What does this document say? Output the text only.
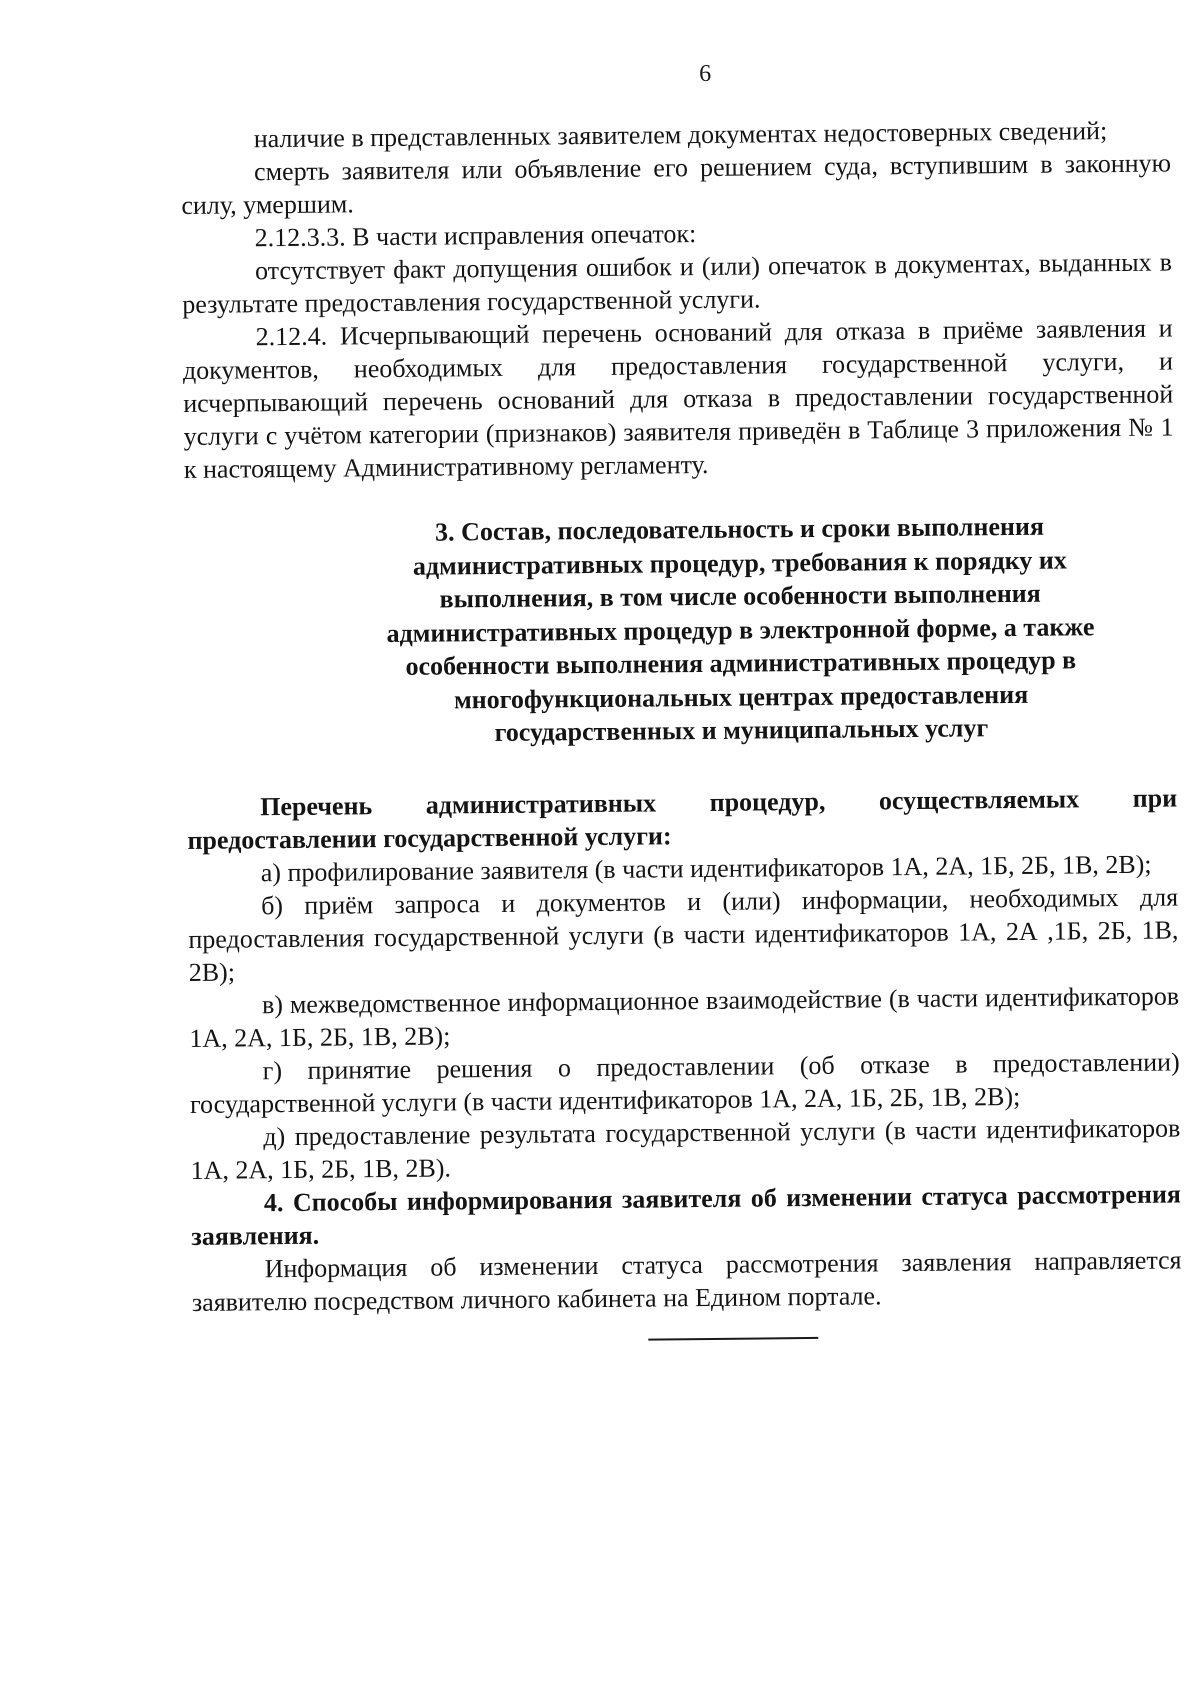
6

наличие в представленных заявителем документах недостоверных сведений;

смерть заявителя или объявление его решением суда, вступившим в законную силу, умершим.

2.12.3.3. В части исправления опечаток:

отсутствует факт допущения ошибок и (или) опечаток в документах, выданных в результате предоставления государственной услуги.

2.12.4. Исчерпывающий перечень оснований для отказа в приёме заявления и документов, необходимых для предоставления государственной услуги, и исчерпывающий перечень оснований для отказа в предоставлении государственной услуги с учётом категории (признаков) заявителя приведён в Таблице 3 приложения № 1 к настоящему Административному регламенту.

3. Состав, последовательность и сроки выполнения административных процедур, требования к порядку их выполнения, в том числе особенности выполнения административных процедур в электронной форме, а также особенности выполнения административных процедур в многофункциональных центрах предоставления государственных и муниципальных услуг

Перечень административных процедур, осуществляемых при предоставлении государственной услуги:

а) профилирование заявителя (в части идентификаторов 1А, 2А, 1Б, 2Б, 1В, 2В);

б) приём запроса и документов и (или) информации, необходимых для предоставления государственной услуги (в части идентификаторов 1А, 2А ,1Б, 2Б, 1В, 2В);

в) межведомственное информационное взаимодействие (в части идентификаторов 1А, 2А, 1Б, 2Б, 1В, 2В);

г) принятие решения о предоставлении (об отказе в предоставлении) государственной услуги (в части идентификаторов 1А, 2А, 1Б, 2Б, 1В, 2В);

д) предоставление результата государственной услуги (в части идентификаторов 1А, 2А, 1Б, 2Б, 1В, 2В).

4. Способы информирования заявителя об изменении статуса рассмотрения заявления.

Информация об изменении статуса рассмотрения заявления направляется заявителю посредством личного кабинета на Едином портале.
